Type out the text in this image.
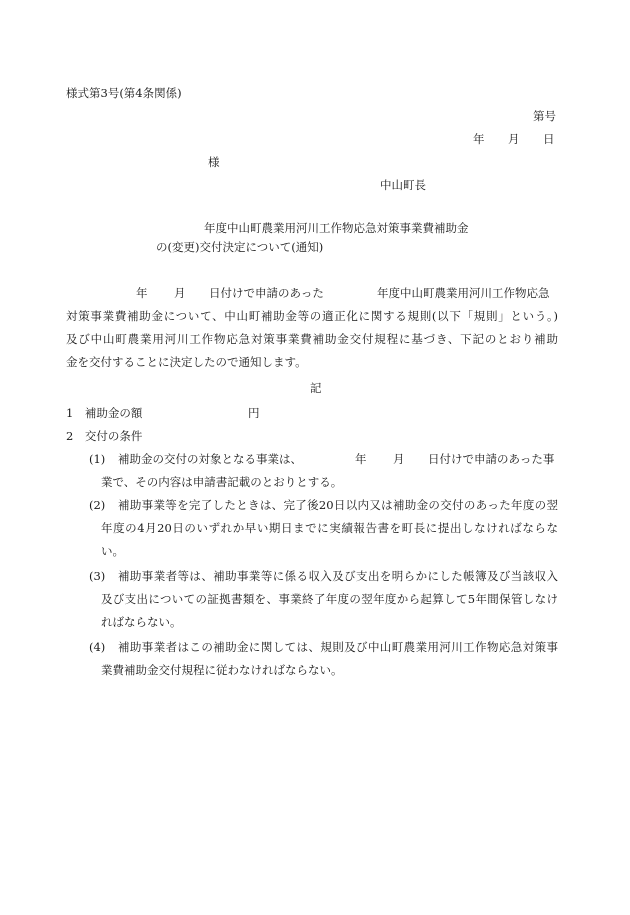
様式第3号(第4条関係)
第号
年 月 日
様
中山町長
年度中山町農業用河川工作物応急対策事業費補助金
の(変更)交付決定について(通知)
年 月 日付けで申請のあった	年度中山町農業用河川工作物応急
対策事業費補助金について、中山町補助金等の適正化に関する規則(以下「規則」という。)
及び中山町農業用河川工作物応急対策事業費補助金交付規程に基づき、下記のとおり補助
金を交付することに決定したので通知します。
記
1　補助金の額	円
2　交付の条件
(1) 補助金の交付の対象となる事業は、	年 月 日付けで申請のあった事
業で、その内容は申請書記載のとおりとする。
(2) 補助事業等を完了したときは、完了後20日以内又は補助金の交付のあった年度の翌
年度の4月20日のいずれか早い期日までに実績報告書を町長に提出しなければならな
い。
(3) 補助事業者等は、補助事業等に係る収入及び支出を明らかにした帳簿及び当該収入
及び支出についての証拠書類を、事業終了年度の翌年度から起算して5年間保管しなけ
ればならない。
(4) 補助事業者はこの補助金に関しては、規則及び中山町農業用河川工作物応急対策事
業費補助金交付規程に従わなければならない。
